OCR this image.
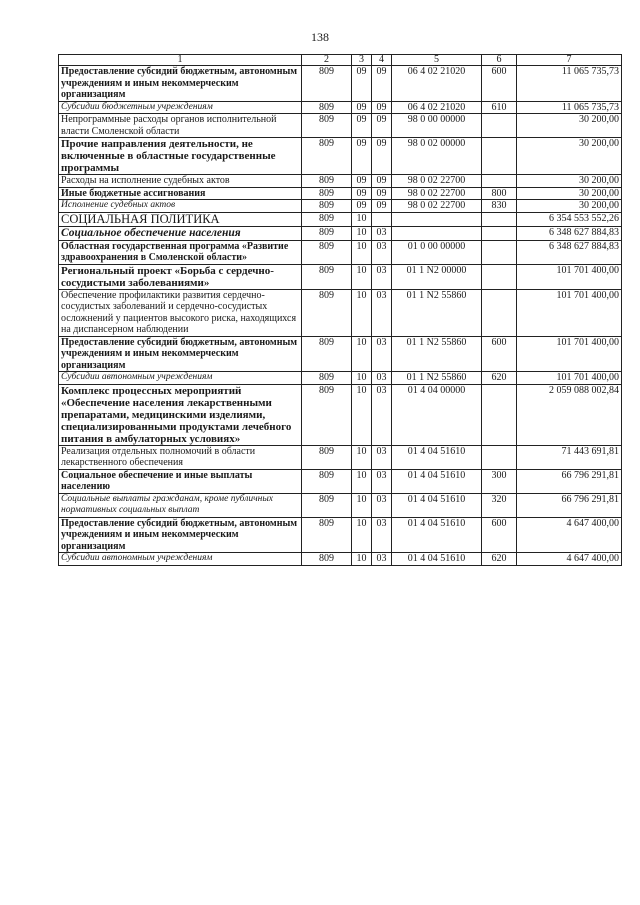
138
1	2	3	4	5	6	7
Предоставление субсидий бюджетным, автономным учреждениям и иным некоммерческим организациям	809	09	09	06 4 02 21020	600	11 065 735,73
Субсидии бюджетным учреждениям	809	09	09	06 4 02 21020	610	11 065 735,73
Непрограммные расходы органов исполнительной власти Смоленской области	809	09	09	98 0 00 00000		30 200,00
Прочие направления деятельности, не включенные в областные государственные программы	809	09	09	98 0 02 00000		30 200,00
Расходы на исполнение судебных актов	809	09	09	98 0 02 22700		30 200,00
Иные бюджетные ассигнования	809	09	09	98 0 02 22700	800	30 200,00
Исполнение судебных актов	809	09	09	98 0 02 22700	830	30 200,00
СОЦИАЛЬНАЯ ПОЛИТИКА	809	10				6 354 553 552,26
Социальное обеспечение населения	809	10	03			6 348 627 884,83
Областная государственная программа «Развитие здравоохранения в Смоленской области»	809	10	03	01 0 00 00000		6 348 627 884,83
Региональный проект «Борьба с сердечно-сосудистыми заболеваниями»	809	10	03	01 1 N2 00000		101 701 400,00
Обеспечение профилактики развития сердечно-сосудистых заболеваний и сердечно-сосудистых осложнений у пациентов высокого риска, находящихся на диспансерном наблюдении	809	10	03	01 1 N2 55860		101 701 400,00
Предоставление субсидий бюджетным, автономным учреждениям и иным некоммерческим организациям	809	10	03	01 1 N2 55860	600	101 701 400,00
Субсидии автономным учреждениям	809	10	03	01 1 N2 55860	620	101 701 400,00
Комплекс процессных мероприятий «Обеспечение населения лекарственными препаратами, медицинскими изделиями, специализированными продуктами лечебного питания в амбулаторных условиях»	809	10	03	01 4 04 00000		2 059 088 002,84
Реализация отдельных полномочий в области лекарственного обеспечения	809	10	03	01 4 04 51610		71 443 691,81
Социальное обеспечение и иные выплаты населению	809	10	03	01 4 04 51610	300	66 796 291,81
Социальные выплаты гражданам, кроме публичных нормативных социальных выплат	809	10	03	01 4 04 51610	320	66 796 291,81
Предоставление субсидий бюджетным, автономным учреждениям и иным некоммерческим организациям	809	10	03	01 4 04 51610	600	4 647 400,00
Субсидии автономным учреждениям	809	10	03	01 4 04 51610	620	4 647 400,00
